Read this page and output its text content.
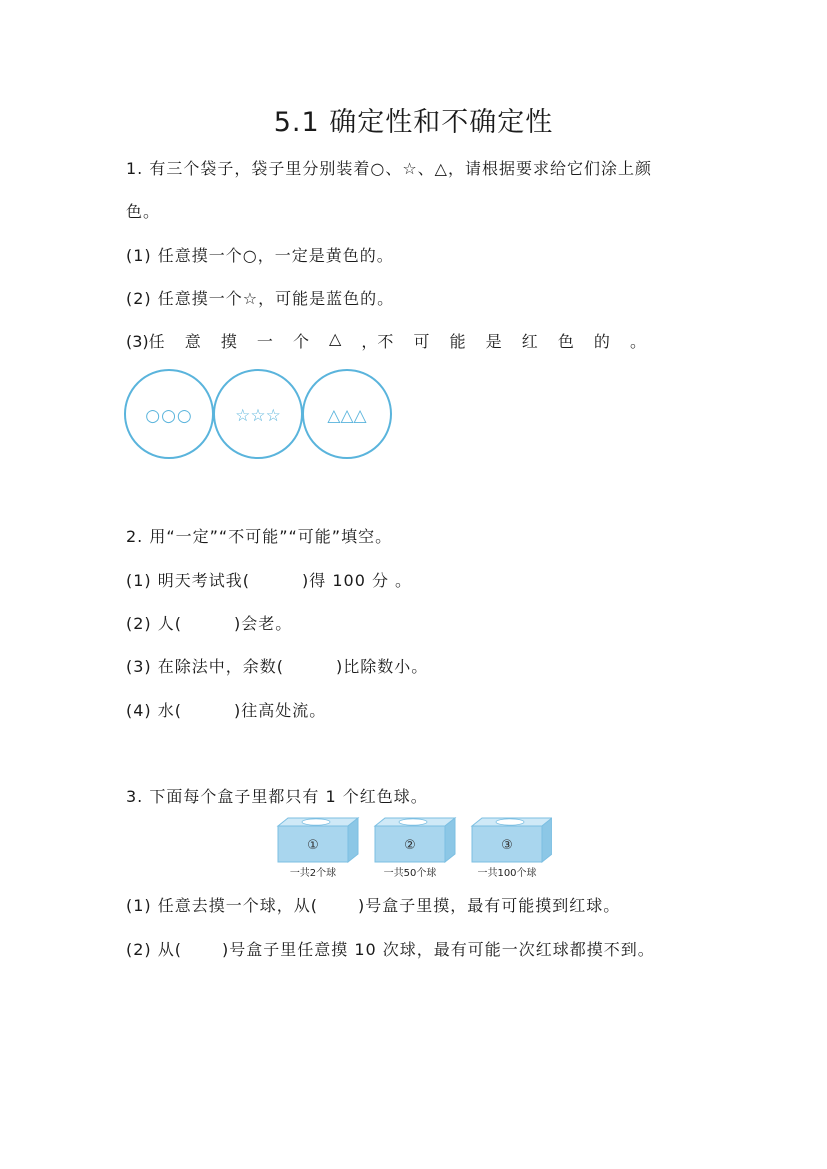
5.1 确定性和不确定性
1. 有三个袋子，袋子里分别装着○、☆、△，请根据要求给它们涂上颜
色。
(1) 任意摸一个○，一定是黄色的。
(2) 任意摸一个☆，可能是蓝色的。
(3)任 意 摸 一 个 △ ，不 可 能 是 红 色 的 。
○○○ ☆☆☆	△△△
2. 用“一定”“不可能”“可能”填空。
(1) 明天考试我(	)得 100 分 。
(2) 人(	)会老。
(3) 在除法中，余数(	)比除数小。
(4) 水(	)往高处流。
3. 下面每个盒子里都只有 1 个红色球。
①
一共2个球
②
一共50个球
③
一共100个球
(1) 任意去摸一个球，从(	)号盒子里摸，最有可能摸到红球。
(2) 从(	)号盒子里任意摸 10 次球，最有可能一次红球都摸不到。
